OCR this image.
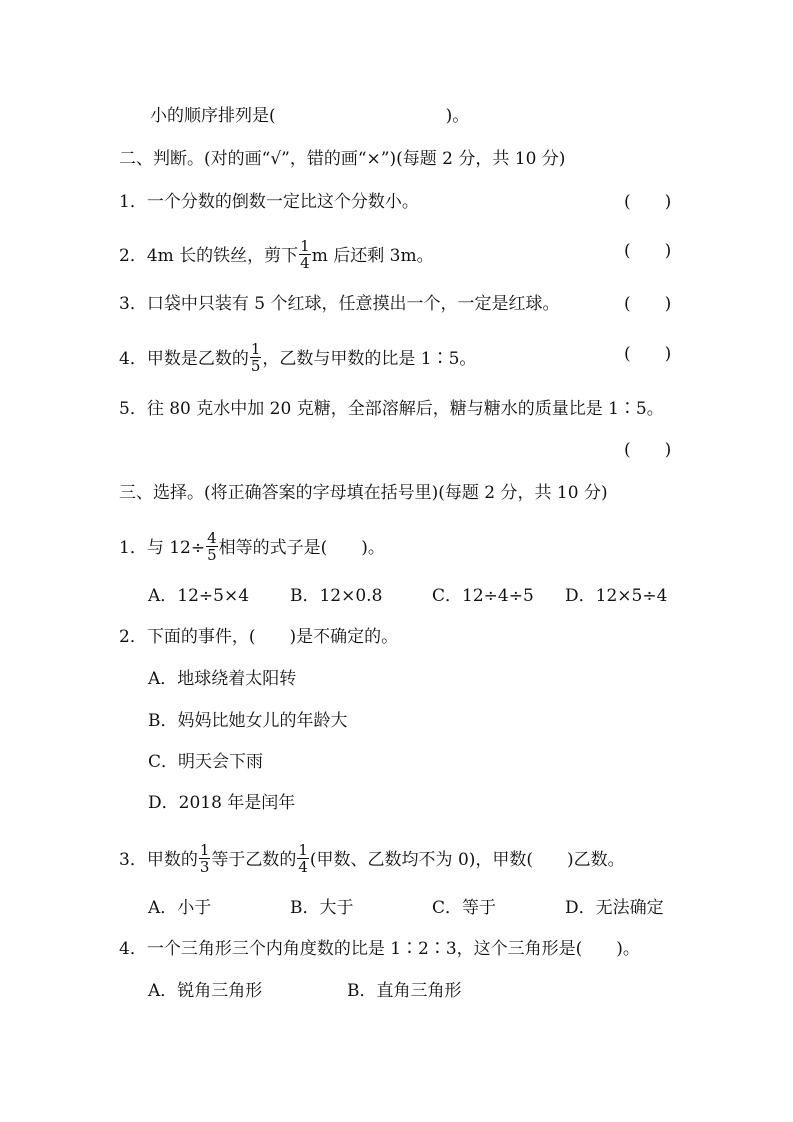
小的顺序排列是(	)。
二、判断。(对的画“√”，错的画“×”)(每题 2 分，共 10 分)
1．一个分数的倒数一定比这个分数小。	(　　)
2．4m 长的铁丝，剪下 $\frac{1}{4}$ m 后还剩 3m。	(　　)
3．口袋中只装有 5 个红球，任意摸出一个，一定是红球。	(　　)
4．甲数是乙数的 $\frac{1}{5}$ ，乙数与甲数的比是 1∶5。	(　　)
5．往 80 克水中加 20 克糖，全部溶解后，糖与糖水的质量比是 1∶5。
(　　)
三、选择。(将正确答案的字母填在括号里)(每题 2 分，共 10 分)
1．与 $12\div \frac{4}{5}$ 相等的式子是(　　)。
A．12÷5×4 B．12×0.8	C．12÷4÷5 D．12×5÷4
2．下面的事件，(　　)是不确定的。
A．地球绕着太阳转
B．妈妈比她女儿的年龄大
C．明天会下雨
D．2018 年是闰年
3．甲数的 $\frac{1}{3}$ 等于乙数的 $\frac{1}{4}$ (甲数、乙数均不为 0)，甲数(　　)乙数。
A．小于	B．大于	C．等于	D．无法确定
4．一个三角形三个内角度数的比是 1∶2∶3，这个三角形是(　　)。
A．锐角三角形	B．直角三角形
